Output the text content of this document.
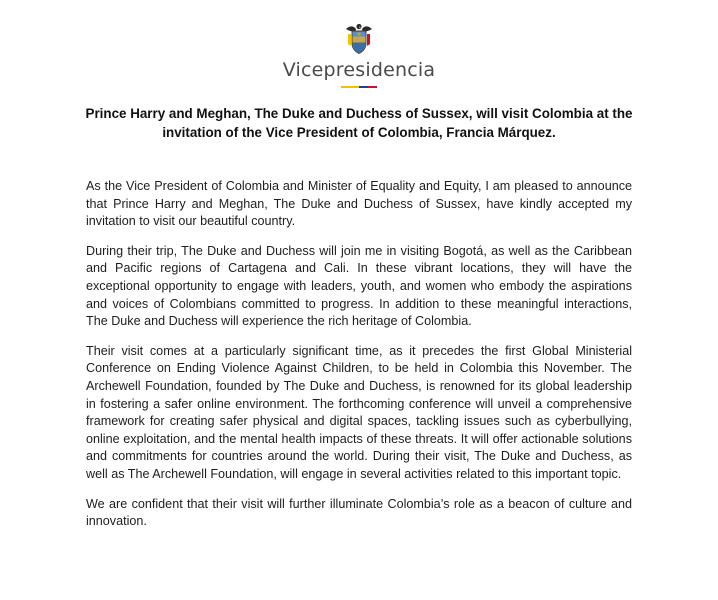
Vicepresidencia
Prince Harry and Meghan, The Duke and Duchess of Sussex, will visit Colombia at the invitation of the Vice President of Colombia, Francia Márquez.

As the Vice President of Colombia and Minister of Equality and Equity, I am pleased to announce that Prince Harry and Meghan, The Duke and Duchess of Sussex, have kindly accepted my invitation to visit our beautiful country.

During their trip, The Duke and Duchess will join me in visiting Bogotá, as well as the Caribbean and Pacific regions of Cartagena and Cali. In these vibrant locations, they will have the exceptional opportunity to engage with leaders, youth, and women who embody the aspirations and voices of Colombians committed to progress. In addition to these meaningful interactions, The Duke and Duchess will experience the rich heritage of Colombia.

Their visit comes at a particularly significant time, as it precedes the first Global Ministerial Conference on Ending Violence Against Children, to be held in Colombia this November. The Archewell Foundation, founded by The Duke and Duchess, is renowned for its global leadership in fostering a safer online environment. The forthcoming conference will unveil a comprehensive framework for creating safer physical and digital spaces, tackling issues such as cyberbullying, online exploitation, and the mental health impacts of these threats. It will offer actionable solutions and commitments for countries around the world. During their visit, The Duke and Duchess, as well as The Archewell Foundation, will engage in several activities related to this important topic.

We are confident that their visit will further illuminate Colombia’s role as a beacon of culture and innovation.
